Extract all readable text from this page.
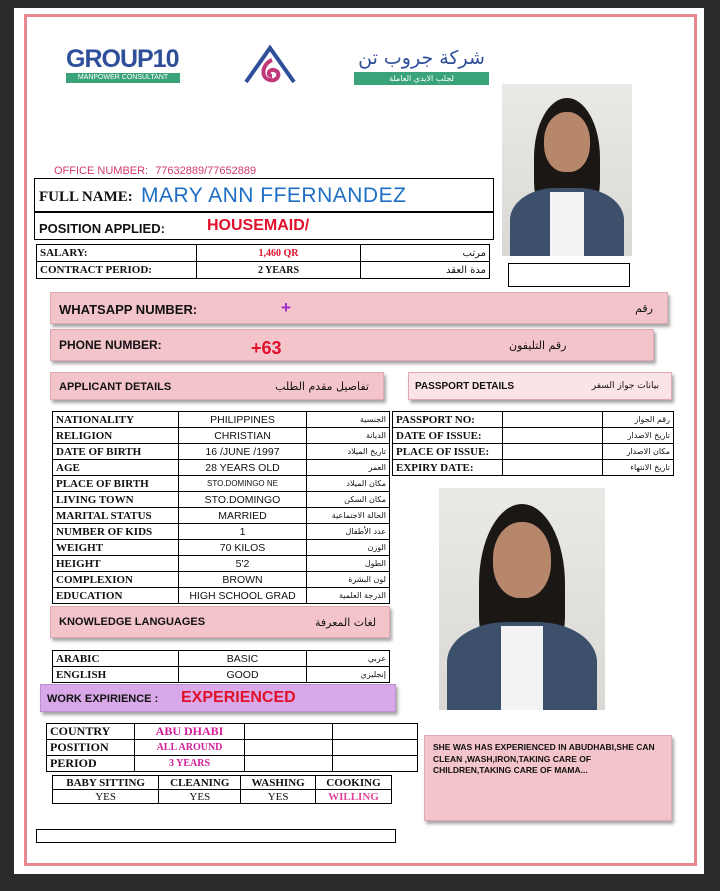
GROUP10
MANPOWER CONSULTANT
شركة جروب تن
لجلب الايدي العاملة
OFFICE NUMBER: 77632889/77652889
FULL NAME: MARY ANN FFERNANDEZ
POSITION APPLIED:	HOUSEMAID/
SALARY:	1,460 QR	مرتب
CONTRACT PERIOD:	2 YEARS	مدة العقد
WHATSAPP NUMBER:	+	رقم
PHONE NUMBER:	+63	رقم التليفون
APPLICANT DETAILS	تفاصيل مقدم الطلب	PASSPORT DETAILS	بيانات جواز السفر
NATIONALITY	PHILIPPINES	الجنسية
RELIGION	CHRISTIAN	الديانة
DATE OF BIRTH	16 /JUNE /1997	تاريخ الميلاد
AGE	28 YEARS OLD	العمر
PLACE OF BIRTH	STO.DOMINGO NE	مكان الميلاد
LIVING TOWN	STO.DOMINGO	مكان السكن
MARITAL STATUS	MARRIED	الحالة الاجتماعية
NUMBER OF KIDS	1	عدد الأطفال
WEIGHT	70 KILOS	الوزن
HEIGHT	5'2	الطول
COMPLEXION	BROWN	لون البشرة
EDUCATION	HIGH SCHOOL GRAD	الدرجة العلمية
PASSPORT NO:		رقم الجواز
DATE OF ISSUE:		تاريخ الاصدار
PLACE OF ISSUE:		مكان الاصدار
EXPIRY DATE:		تاريخ الانتهاء
KNOWLEDGE LANGUAGES	لغات المعرفة
ARABIC	BASIC	عربي
ENGLISH	GOOD	إنجليزي
WORK EXPIRIENCE : EXPERIENCED
COUNTRY	ABU DHABI		
POSITION	ALL AROUND		
PERIOD	3 YEARS		
BABY SITTING	CLEANING	WASHING	COOKING
YES	YES	YES	WILLING
SHE WAS HAS EXPERIENCED IN ABUDHABI,SHE CAN CLEAN ,WASH,IRON,TAKING CARE OF CHILDREN,TAKING CARE OF MAMA...
